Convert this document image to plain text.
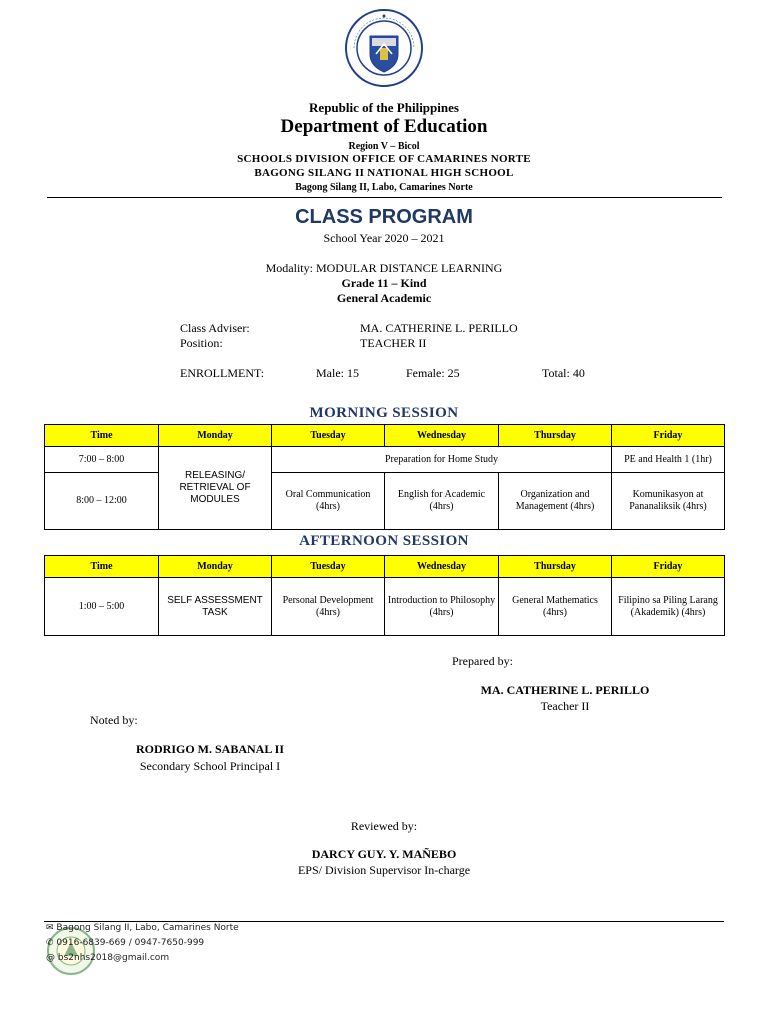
Republic of the Philippines
Department of Education
Region V – Bicol
SCHOOLS DIVISION OFFICE OF CAMARINES NORTE
BAGONG SILANG II NATIONAL HIGH SCHOOL
Bagong Silang II, Labo, Camarines Norte
CLASS PROGRAM
School Year 2020 – 2021
Modality: MODULAR DISTANCE LEARNING
Grade 11 – Kind
General Academic
Class Adviser:	MA. CATHERINE L. PERILLO
Position:	TEACHER II
ENROLLMENT:	Male: 15	Female: 25	Total: 40
MORNING SESSION
Time	Monday	Tuesday	Wednesday	Thursday	Friday
7:00 – 8:00	RELEASING/ RETRIEVAL OF MODULES	Preparation for Home Study			PE and Health 1 (1hr)
8:00 – 12:00		Oral Communication (4hrs)	English for Academic (4hrs)	Organization and Management (4hrs)	Komunikasyon at Pananaliksik (4hrs)
AFTERNOON SESSION
Time	Monday	Tuesday	Wednesday	Thursday	Friday
1:00 – 5:00	SELF ASSESSMENT TASK	Personal Development (4hrs)	Introduction to Philosophy (4hrs)	General Mathematics (4hrs)	Filipino sa Piling Larang (Akademik) (4hrs)
Prepared by:
MA. CATHERINE L. PERILLO
Teacher II
Noted by:
RODRIGO M. SABANAL II
Secondary School Principal I
Reviewed by:
DARCY GUY. Y. MAÑEBO
EPS/ Division Supervisor In-charge
✉ Bagong Silang II, Labo, Camarines Norte
✆ 0916-6839-669 / 0947-7650-999
@ bs2nhs2018@gmail.com
